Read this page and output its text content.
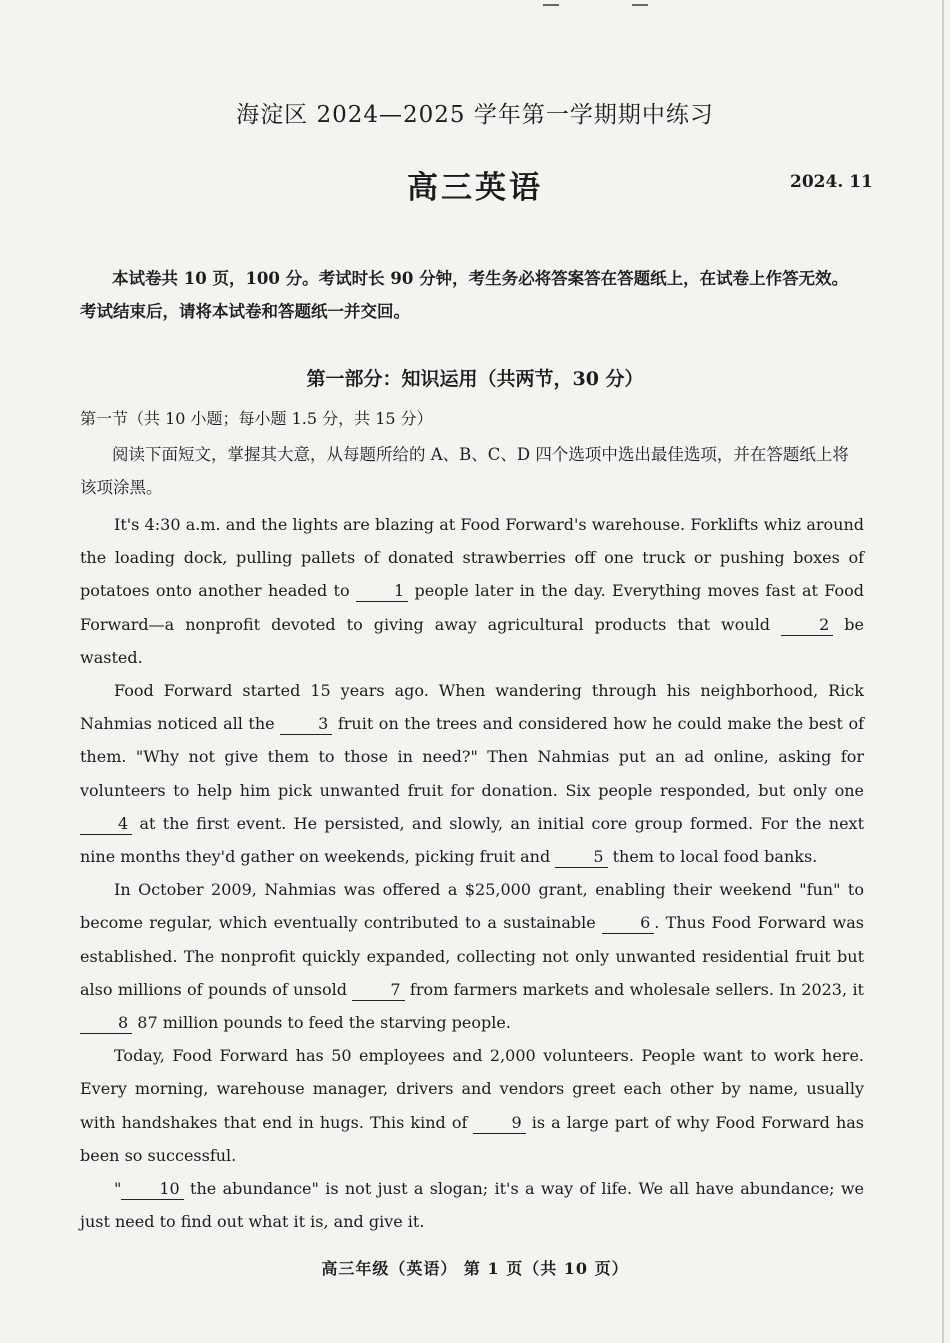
海淀区 2024—2025 学年第一学期期中练习
高三英语	2024. 11
本试卷共 10 页，100 分。考试时长 90 分钟，考生务必将答案答在答题纸上，在试卷上作答无效。考试结束后，请将本试卷和答题纸一并交回。
第一部分：知识运用（共两节，30 分）
第一节（共 10 小题；每小题 1.5 分，共 15 分）
阅读下面短文，掌握其大意，从每题所给的 A、B、C、D 四个选项中选出最佳选项，并在答题纸上将该项涂黑。

It's 4:30 a.m. and the lights are blazing at Food Forward's warehouse. Forklifts whiz around the loading dock, pulling pallets of donated strawberries off one truck or pushing boxes of potatoes onto another headed to 1 people later in the day. Everything moves fast at Food Forward—a nonprofit devoted to giving away agricultural products that would 2 be wasted.

Food Forward started 15 years ago. When wandering through his neighborhood, Rick Nahmias noticed all the 3 fruit on the trees and considered how he could make the best of them. "Why not give them to those in need?" Then Nahmias put an ad online, asking for volunteers to help him pick unwanted fruit for donation. Six people responded, but only one 4 at the first event. He persisted, and slowly, an initial core group formed. For the next nine months they'd gather on weekends, picking fruit and 5 them to local food banks.

In October 2009, Nahmias was offered a $25,000 grant, enabling their weekend "fun" to become regular, which eventually contributed to a sustainable 6 . Thus Food Forward was established. The nonprofit quickly expanded, collecting not only unwanted residential fruit but also millions of pounds of unsold 7 from farmers markets and wholesale sellers. In 2023, it 8 87 million pounds to feed the starving people.

Today, Food Forward has 50 employees and 2,000 volunteers. People want to work here. Every morning, warehouse manager, drivers and vendors greet each other by name, usually with handshakes that end in hugs. This kind of 9 is a large part of why Food Forward has been so successful.

" 10 the abundance" is not just a slogan; it's a way of life. We all have abundance; we just need to find out what it is, and give it.

高三年级（英语） 第 1 页（共 10 页）
